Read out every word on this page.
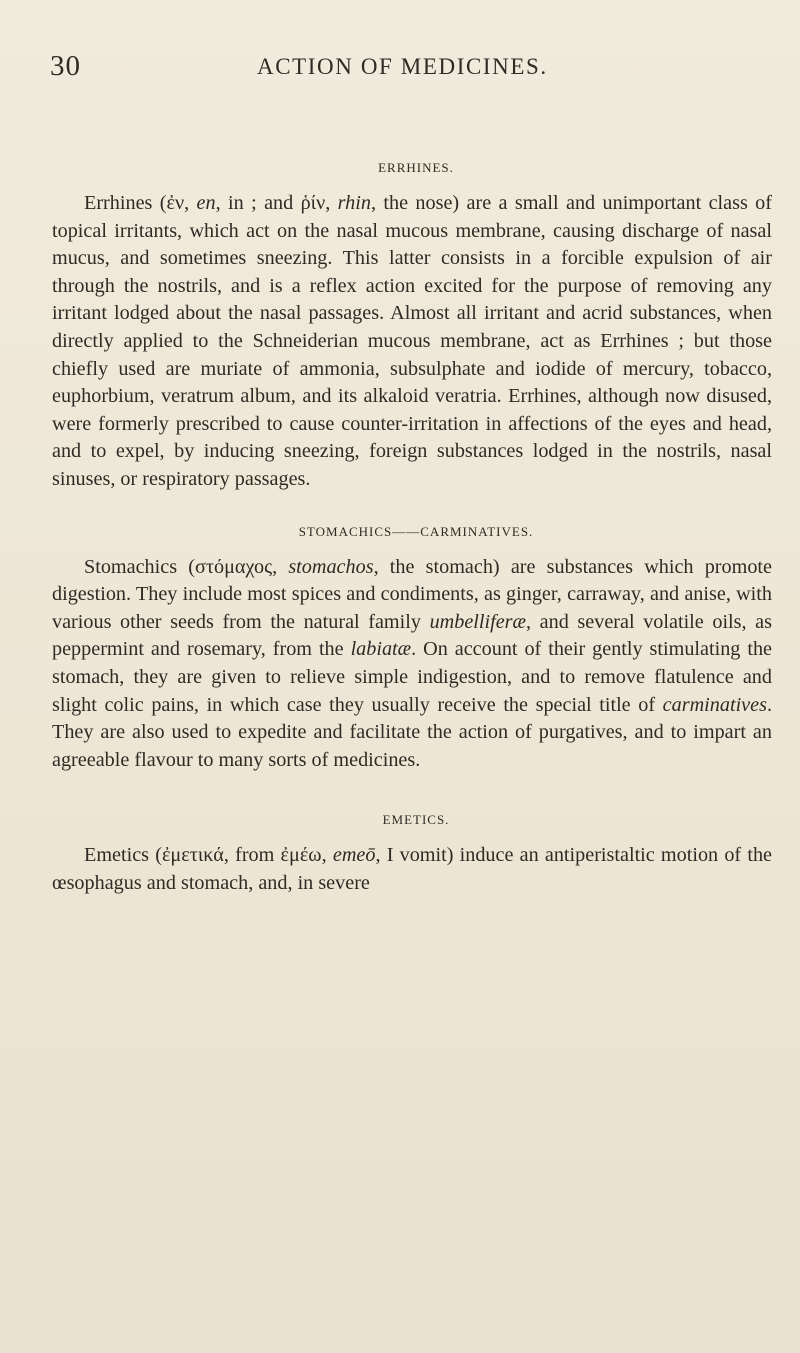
30	ACTION OF MEDICINES.
ERRHINES.

Errhines (ἐν, en, in ; and ῥίν, rhin, the nose) are a small and unimportant class of topical irritants, which act on the nasal mucous membrane, causing discharge of nasal mucus, and sometimes sneezing. This latter consists in a forcible expulsion of air through the nostrils, and is a reflex action excited for the purpose of removing any irritant lodged about the nasal passages. Almost all irritant and acrid substances, when directly applied to the Schneiderian mucous membrane, act as Errhines ; but those chiefly used are muriate of ammonia, subsulphate and iodide of mercury, tobacco, euphorbium, veratrum album, and its alkaloid veratria. Errhines, although now disused, were formerly prescribed to cause counter-irritation in affections of the eyes and head, and to expel, by inducing sneezing, foreign substances lodged in the nostrils, nasal sinuses, or respiratory passages.

STOMACHICS——CARMINATIVES.

Stomachics (στόμαχος, stomachos, the stomach) are substances which promote digestion. They include most spices and condiments, as ginger, carraway, and anise, with various other seeds from the natural family umbelliferæ, and several volatile oils, as peppermint and rosemary, from the labiatæ. On account of their gently stimulating the stomach, they are given to relieve simple indigestion, and to remove flatulence and slight colic pains, in which case they usually receive the special title of carminatives. They are also used to expedite and facilitate the action of purgatives, and to impart an agreeable flavour to many sorts of medicines.

EMETICS.

Emetics (ἐμετικά, from ἐμέω, emeō, I vomit) induce an antiperistaltic motion of the œsophagus and stomach, and, in severe
